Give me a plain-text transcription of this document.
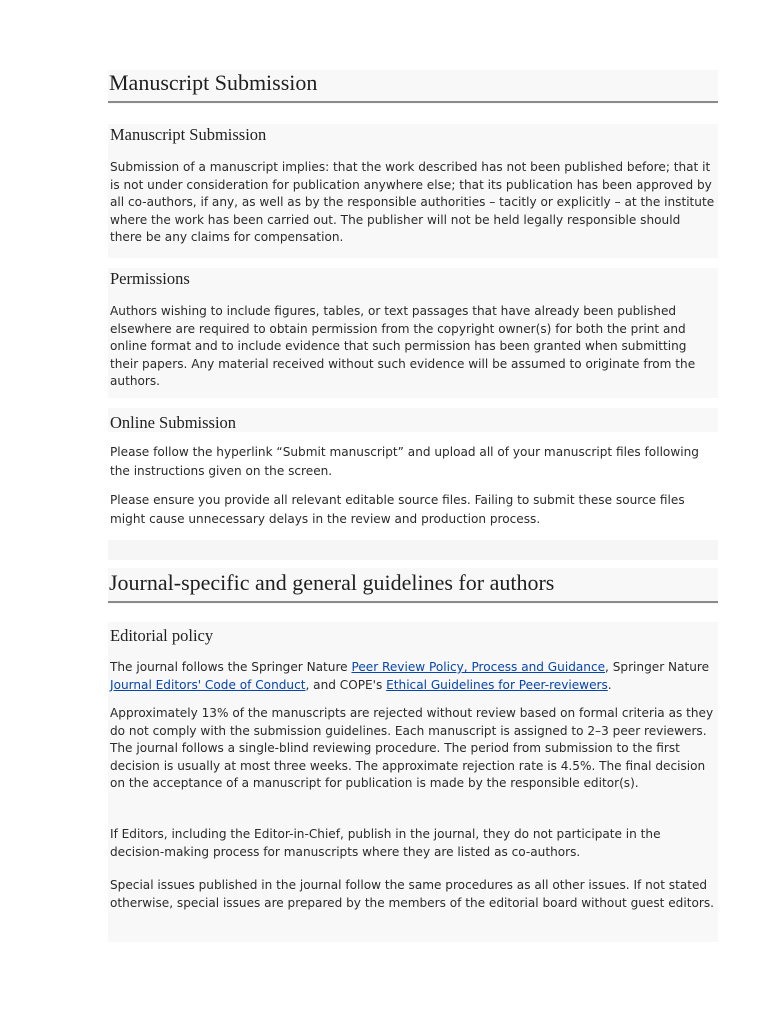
Manuscript Submission
Manuscript Submission

Submission of a manuscript implies: that the work described has not been published before; that it is not under consideration for publication anywhere else; that its publication has been approved by all co-authors, if any, as well as by the responsible authorities – tacitly or explicitly – at the institute where the work has been carried out. The publisher will not be held legally responsible should there be any claims for compensation.

Permissions

Authors wishing to include figures, tables, or text passages that have already been published elsewhere are required to obtain permission from the copyright owner(s) for both the print and online format and to include evidence that such permission has been granted when submitting their papers. Any material received without such evidence will be assumed to originate from the authors.

Online Submission

Please follow the hyperlink “Submit manuscript” and upload all of your manuscript files following the instructions given on the screen.

Please ensure you provide all relevant editable source files. Failing to submit these source files might cause unnecessary delays in the review and production process.

Journal-specific and general guidelines for authors
Editorial policy

The journal follows the Springer Nature Peer Review Policy, Process and Guidance, Springer Nature
Journal Editors' Code of Conduct, and COPE's Ethical Guidelines for Peer-reviewers.

Approximately 13% of the manuscripts are rejected without review based on formal criteria as they do not comply with the submission guidelines. Each manuscript is assigned to 2–3 peer reviewers. The journal follows a single-blind reviewing procedure. The period from submission to the first decision is usually at most three weeks. The approximate rejection rate is 4.5%. The final decision on the acceptance of a manuscript for publication is made by the responsible editor(s).

If Editors, including the Editor-in-Chief, publish in the journal, they do not participate in the decision-making process for manuscripts where they are listed as co-authors.

Special issues published in the journal follow the same procedures as all other issues. If not stated otherwise, special issues are prepared by the members of the editorial board without guest editors.
